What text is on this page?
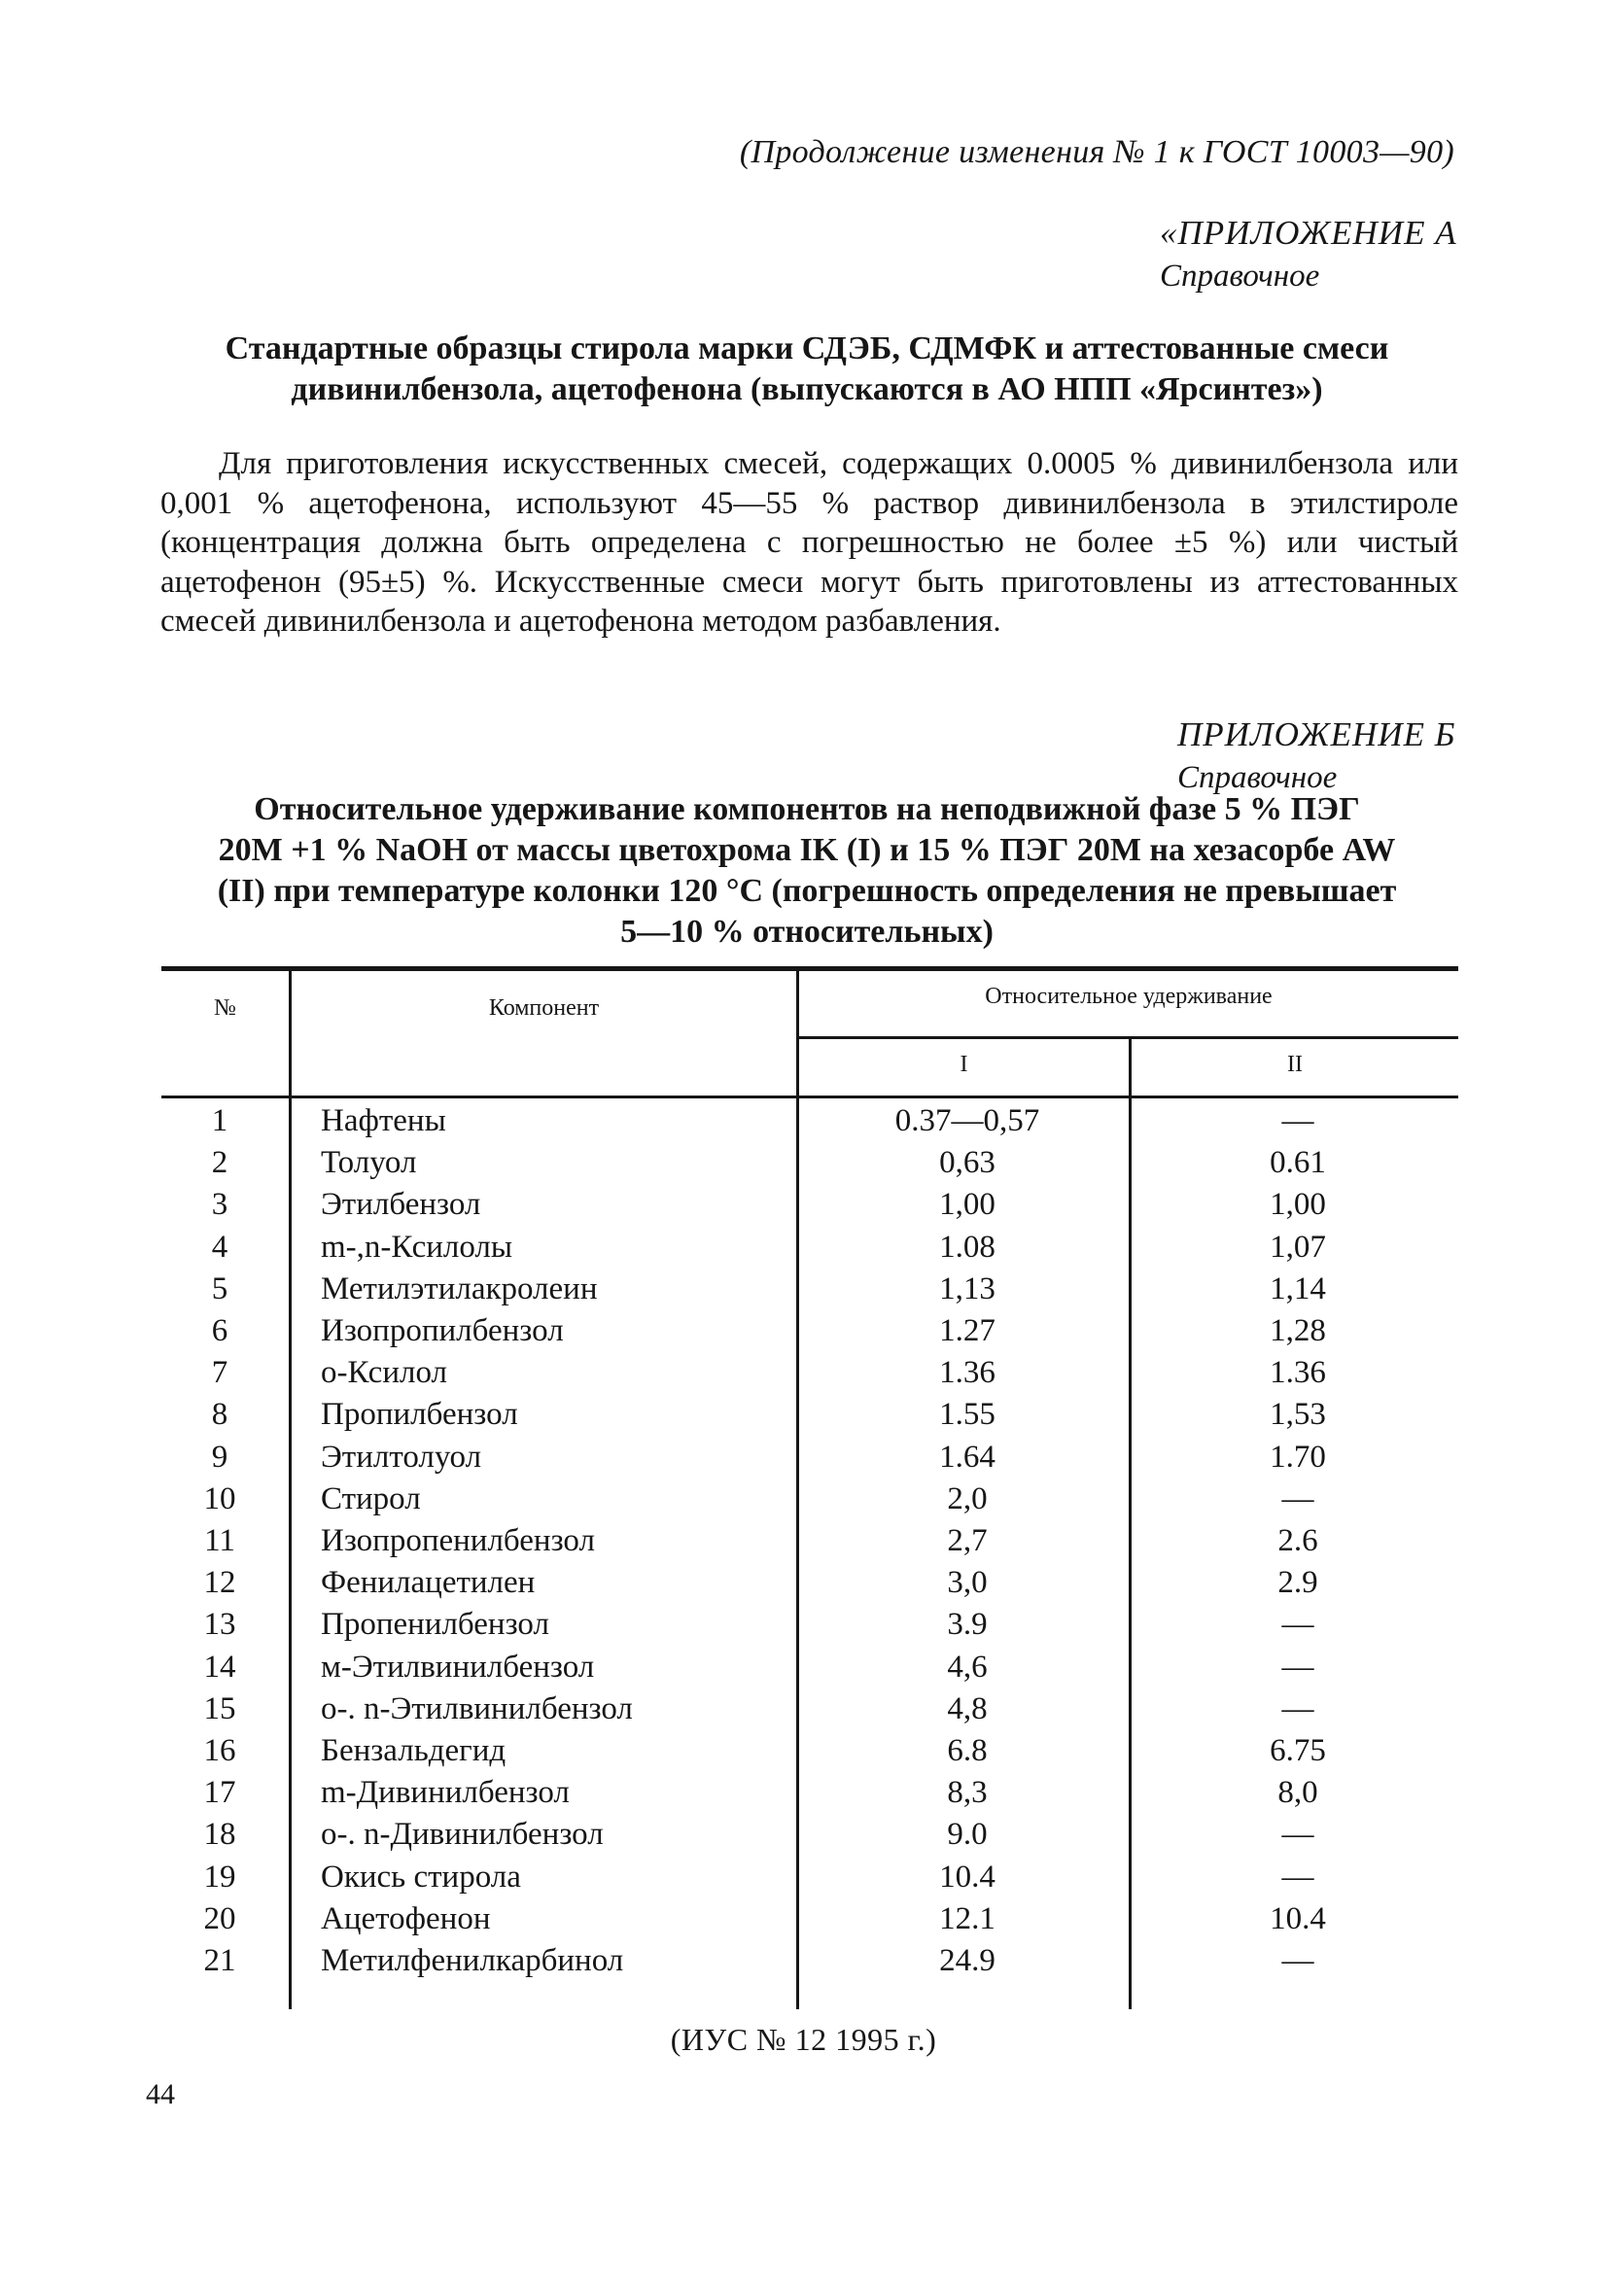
(Продолжение изменения № 1 к ГОСТ 10003—90)
«ПРИЛОЖЕНИЕ А
Справочное
Стандартные образцы стирола марки СДЭБ, СДМФК и аттестованные смеси
дивинилбензола, ацетофенона (выпускаются в АО НПП «Ярсинтез»)
Для приготовления искусственных смесей, содержащих 0.0005 % дивинилбензола или 0,001 % ацетофенона, используют 45—55 % раствор дивинилбензола в этилстироле (концентрация должна быть определена с погрешностью не более ±5 %) или чистый ацетофенон (95±5) %. Искусственные смеси могут быть приготовлены из аттестованных смесей дивинилбензола и ацетофенона методом разбавления.
ПРИЛОЖЕНИЕ Б
Справочное
Относительное удерживание компонентов на неподвижной фазе 5 % ПЭГ
20М +1 % NaOH от массы цветохрома IK (I) и 15 % ПЭГ 20М на хезасорбе AW
(II) при температуре колонки 120 °С (погрешность определения не превышает
5—10 % относительных)
№	Компонент	Относительное удерживание
I	II
1	Нафтены	0.37—0,57	—
2	Толуол	0,63	0.61
3	Этилбензол	1,00	1,00
4	m-,n-Ксилолы	1.08	1,07
5	Метилэтилакролеин	1,13	1,14
6	Изопропилбензол	1.27	1,28
7	о-Ксилол	1.36	1.36
8	Пропилбензол	1.55	1,53
9	Этилтолуол	1.64	1.70
10	Стирол	2,0	—
11	Изопропенилбензол	2,7	2.6
12	Фенилацетилен	3,0	2.9
13	Пропенилбензол	3.9	—
14	м-Этилвинилбензол	4,6	—
15	о-. n-Этилвинилбензол	4,8	—
16	Бензальдегид	6.8	6.75
17	m-Дивинилбензол	8,3	8,0
18	о-. n-Дивинилбензол	9.0	—
19	Окись стирола	10.4	—
20	Ацетофенон	12.1	10.4
21	Метилфенилкарбинол	24.9	—
(ИУС № 12 1995 г.)
44
